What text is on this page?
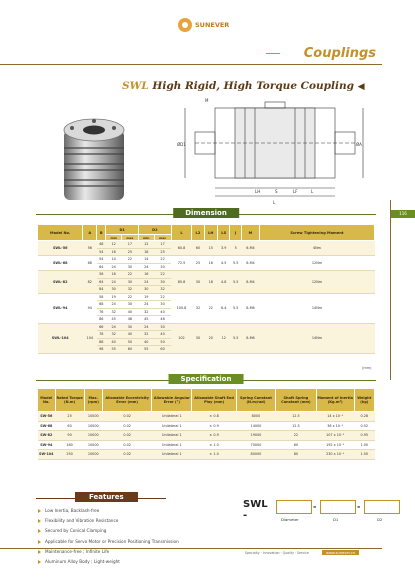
SUNEVER
Couplings
SWL High Rigid, High Torque Coupling ◀
M
LH	S	LF	L
L
ØD1	ØA
116
Dimension
Model No.	A	B	D1		D2		L	L2	LH	LS	J	M	Screw Tightening Moment
			min	max	min	max							
SWL-56	56	48	12	17	12	17	60.8	60	15	3.9	5	6-M4	4Nm
		54	16	25	18	25							
SWL-68	68	54	14	22	14	22	72.5	25	16	4.5	5.5	6-M4	12Nm
		64	24	30	24	30							
SWL-82	82	56	16	22	16	22	85.8	30	18	4.8	5.5	8-M4	12Nm
		64	24	30	24	30							
		84	30	32	30	32							
SWL-94	94	58	19	22	19	22	100.8	32	22	6.4	5.5	8-M6	14Nm
		68	24	30	24	30							
		76	32	40	32	40							
		86	45	48	45	48							
SWL-104	104	66	24	30	24	30	102	30	20	12	5.5	8-M6	14Nm
		78	32	40	32	40							
		88	40	50	40	50							
		98	55	60	55	60							
(mm)
Specification
Model No.	Rated Torque (N.m)	Max. (rpm)	Allowable Eccentricity Error (mm)	Allowable Angular Error (°)	Allowable Shaft End Play (mm)	Spring Constant (N.m/rad)	Shaft Spring Constant (mm)	Moment of Inertia (Kg.m²)	Weight (kg)
SW-56	25	10000	0.02	Unilateral 1	± 0.8	8000	12.5	14 x 10⁻⁵	0.28
SW-68	60	10000	0.02	Unilateral 1	± 0.9	14000	12.5	36 x 10⁻⁵	0.52
SW-82	90	10000	0.02	Unilateral 1	± 0.9	19000	22	107 x 10⁻⁵	0.95
SW-94	180	10000	0.02	Unilateral 1	± 1.0	70000	60	192 x 10⁻⁵	1.00
SW-104	250	10000	0.02	Unilateral 1	± 1.0	80000	80	230 x 10⁻⁵	1.50
Features
Low Inertia, Backlash-free
Flexibility and Vibration Resistance
Secured by Conical Clamping
Applicable for Servo Motor or Precision Positioning Transmission
Maintenance-free ; Infinite Life
Aluminum Alloy Body ; Light-weight
SWL -
-	-
Diameter	D1	D2
Specialty · Innovation · Quality · Service	www.sunever.cn
